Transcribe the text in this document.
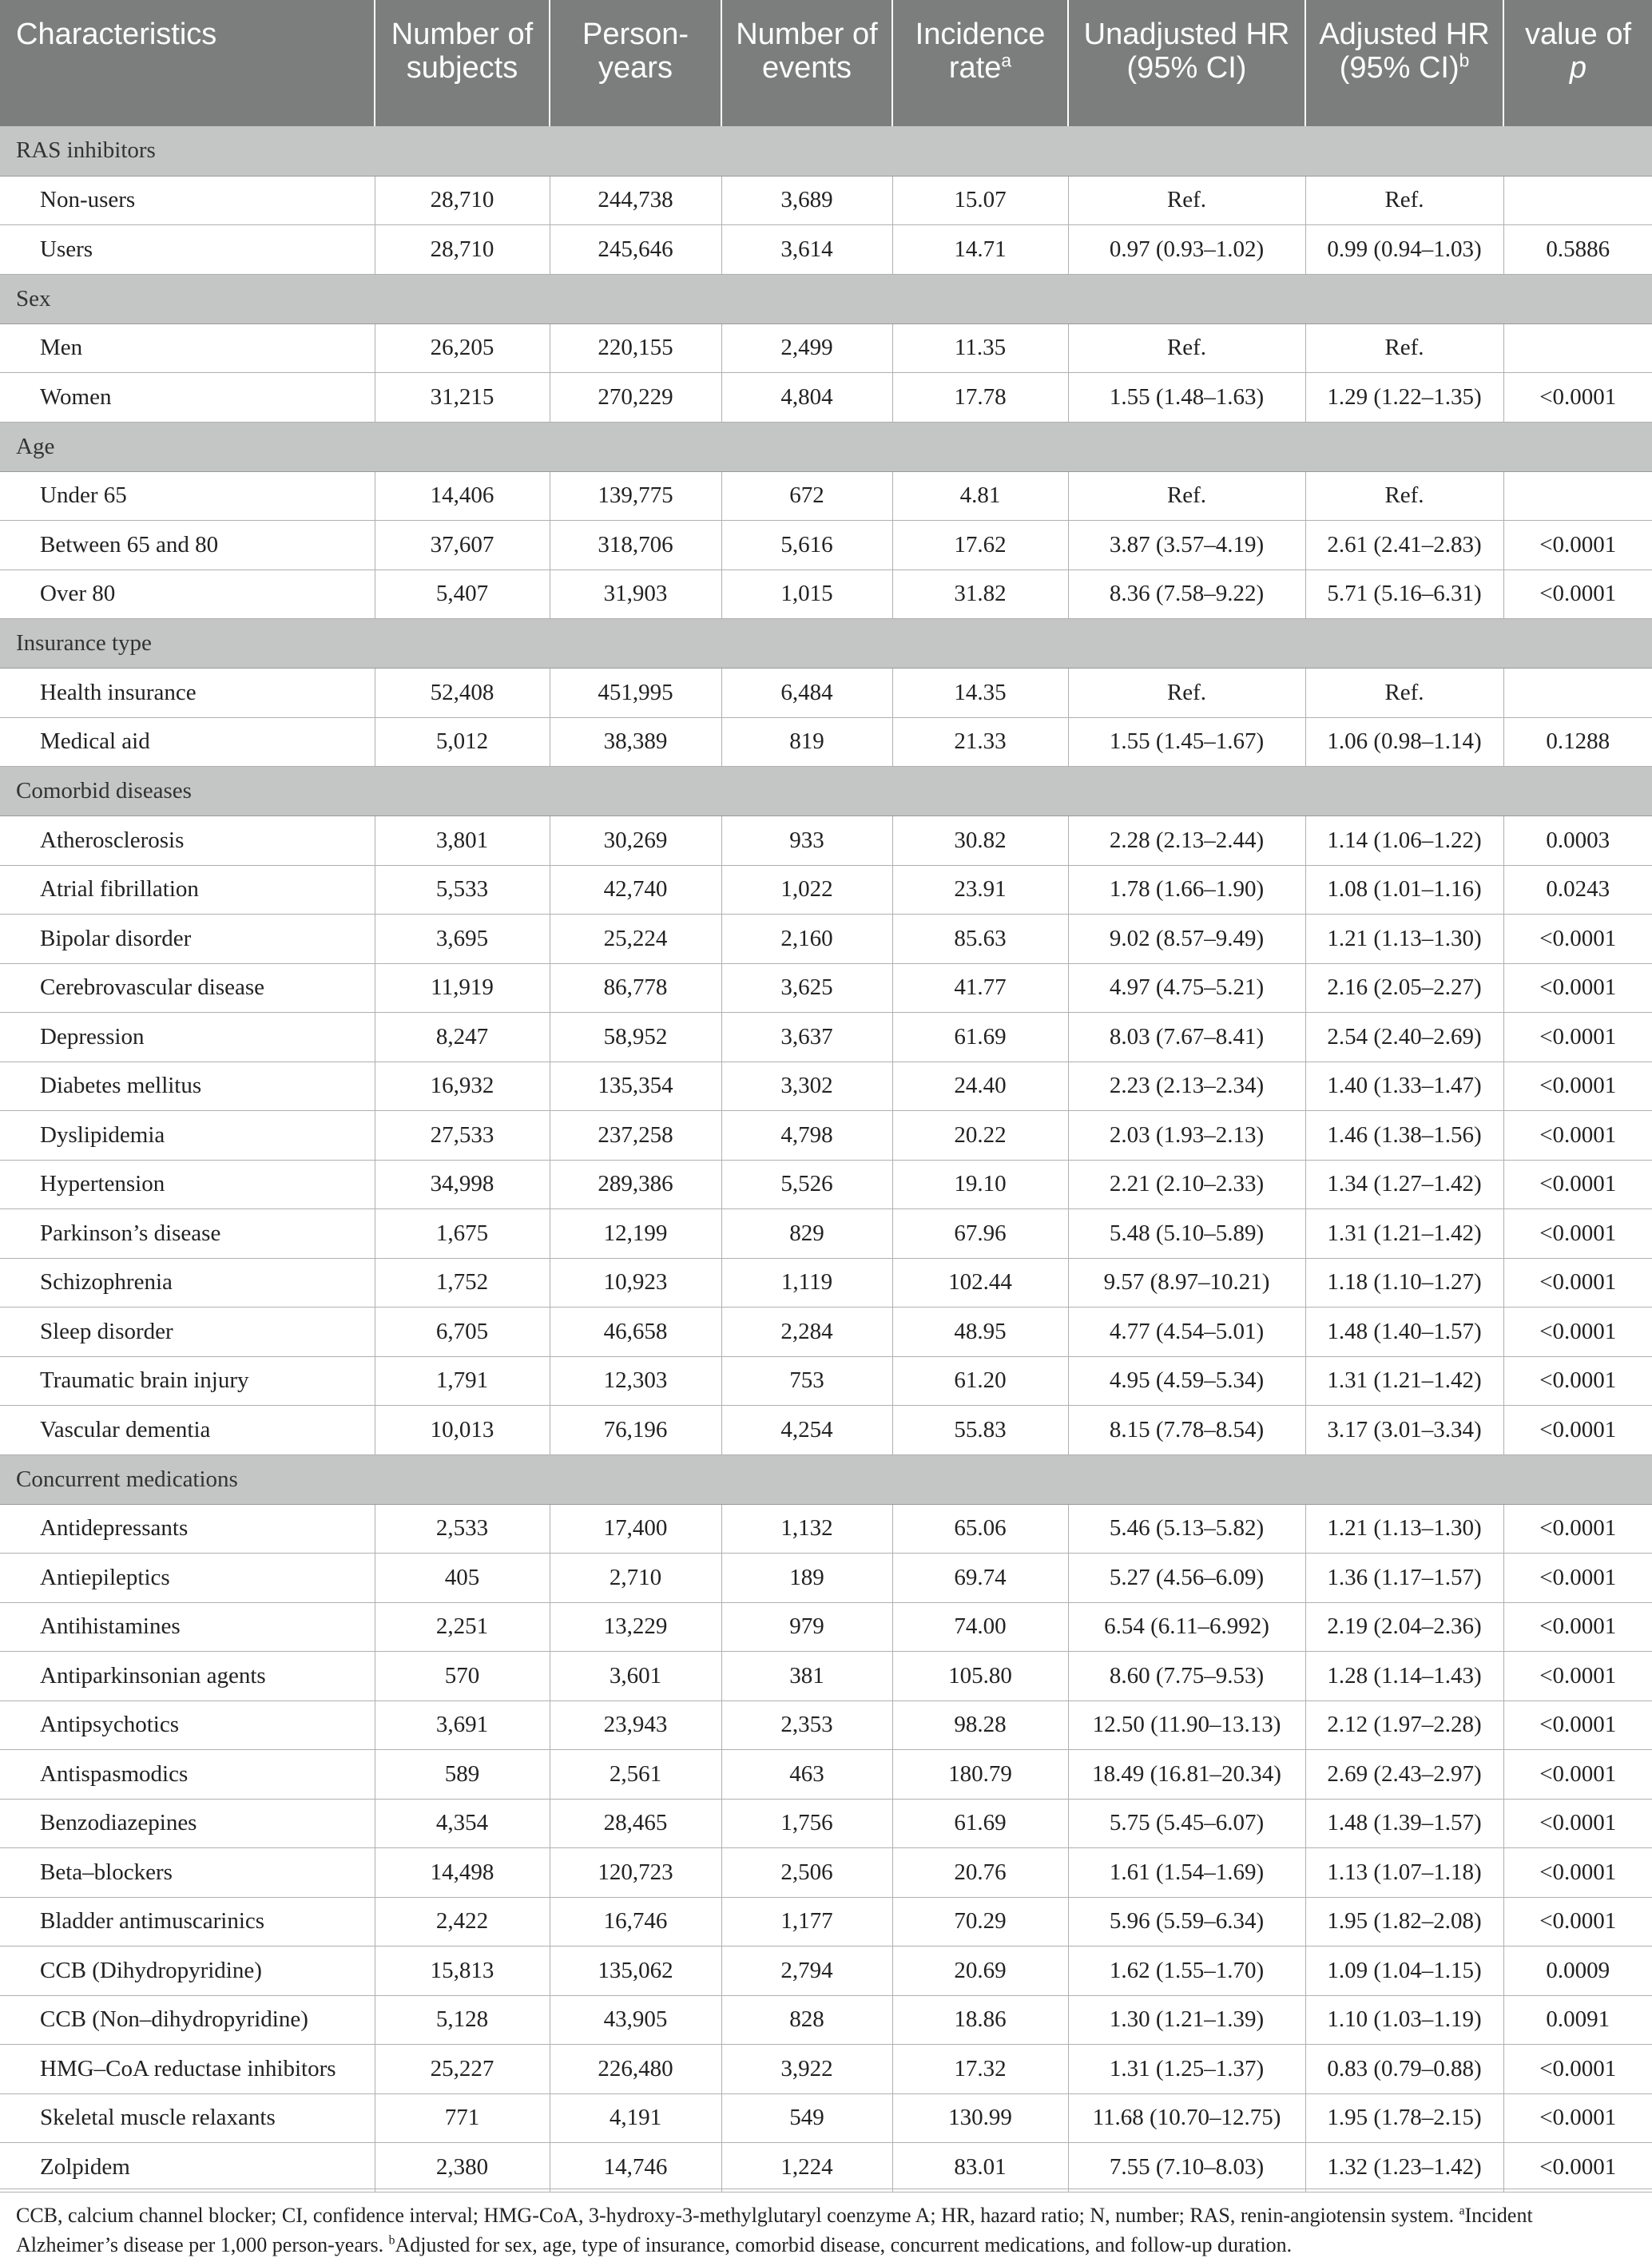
Characteristics	Number of subjects	Person-years	Number of events	Incidence rate$^a$	Unadjusted HR (95% CI)	Adjusted HR (95% CI)$^b$	value of
p
RAS inhibitors							
Non-users	28,710	244,738	3,689	15.07	Ref.	Ref.	
Users	28,710	245,646	3,614	14.71	0.97 (0.93–1.02)	0.99 (0.94–1.03)	0.5886
Sex							
Men	26,205	220,155	2,499	11.35	Ref.	Ref.	
Women	31,215	270,229	4,804	17.78	1.55 (1.48–1.63)	1.29 (1.22–1.35)	<0.0001
Age							
Under 65	14,406	139,775	672	4.81	Ref.	Ref.	
Between 65 and 80	37,607	318,706	5,616	17.62	3.87 (3.57–4.19)	2.61 (2.41–2.83)	<0.0001
Over 80	5,407	31,903	1,015	31.82	8.36 (7.58–9.22)	5.71 (5.16–6.31)	<0.0001
Insurance type							
Health insurance	52,408	451,995	6,484	14.35	Ref.	Ref.	
Medical aid	5,012	38,389	819	21.33	1.55 (1.45–1.67)	1.06 (0.98–1.14)	0.1288
Comorbid diseases							
Atherosclerosis	3,801	30,269	933	30.82	2.28 (2.13–2.44)	1.14 (1.06–1.22)	0.0003
Atrial fibrillation	5,533	42,740	1,022	23.91	1.78 (1.66–1.90)	1.08 (1.01–1.16)	0.0243
Bipolar disorder	3,695	25,224	2,160	85.63	9.02 (8.57–9.49)	1.21 (1.13–1.30)	<0.0001
Cerebrovascular disease	11,919	86,778	3,625	41.77	4.97 (4.75–5.21)	2.16 (2.05–2.27)	<0.0001
Depression	8,247	58,952	3,637	61.69	8.03 (7.67–8.41)	2.54 (2.40–2.69)	<0.0001
Diabetes mellitus	16,932	135,354	3,302	24.40	2.23 (2.13–2.34)	1.40 (1.33–1.47)	<0.0001
Dyslipidemia	27,533	237,258	4,798	20.22	2.03 (1.93–2.13)	1.46 (1.38–1.56)	<0.0001
Hypertension	34,998	289,386	5,526	19.10	2.21 (2.10–2.33)	1.34 (1.27–1.42)	<0.0001
Parkinson’s disease	1,675	12,199	829	67.96	5.48 (5.10–5.89)	1.31 (1.21–1.42)	<0.0001
Schizophrenia	1,752	10,923	1,119	102.44	9.57 (8.97–10.21)	1.18 (1.10–1.27)	<0.0001
Sleep disorder	6,705	46,658	2,284	48.95	4.77 (4.54–5.01)	1.48 (1.40–1.57)	<0.0001
Traumatic brain injury	1,791	12,303	753	61.20	4.95 (4.59–5.34)	1.31 (1.21–1.42)	<0.0001
Vascular dementia	10,013	76,196	4,254	55.83	8.15 (7.78–8.54)	3.17 (3.01–3.34)	<0.0001
Concurrent medications							
Antidepressants	2,533	17,400	1,132	65.06	5.46 (5.13–5.82)	1.21 (1.13–1.30)	<0.0001
Antiepileptics	405	2,710	189	69.74	5.27 (4.56–6.09)	1.36 (1.17–1.57)	<0.0001
Antihistamines	2,251	13,229	979	74.00	6.54 (6.11–6.992)	2.19 (2.04–2.36)	<0.0001
Antiparkinsonian agents	570	3,601	381	105.80	8.60 (7.75–9.53)	1.28 (1.14–1.43)	<0.0001
Antipsychotics	3,691	23,943	2,353	98.28	12.50 (11.90–13.13)	2.12 (1.97–2.28)	<0.0001
Antispasmodics	589	2,561	463	180.79	18.49 (16.81–20.34)	2.69 (2.43–2.97)	<0.0001
Benzodiazepines	4,354	28,465	1,756	61.69	5.75 (5.45–6.07)	1.48 (1.39–1.57)	<0.0001
Beta–blockers	14,498	120,723	2,506	20.76	1.61 (1.54–1.69)	1.13 (1.07–1.18)	<0.0001
Bladder antimuscarinics	2,422	16,746	1,177	70.29	5.96 (5.59–6.34)	1.95 (1.82–2.08)	<0.0001
CCB (Dihydropyridine)	15,813	135,062	2,794	20.69	1.62 (1.55–1.70)	1.09 (1.04–1.15)	0.0009
CCB (Non–dihydropyridine)	5,128	43,905	828	18.86	1.30 (1.21–1.39)	1.10 (1.03–1.19)	0.0091
HMG–CoA reductase inhibitors	25,227	226,480	3,922	17.32	1.31 (1.25–1.37)	0.83 (0.79–0.88)	<0.0001
Skeletal muscle relaxants	771	4,191	549	130.99	11.68 (10.70–12.75)	1.95 (1.78–2.15)	<0.0001
Zolpidem	2,380	14,746	1,224	83.01	7.55 (7.10–8.03)	1.32 (1.23–1.42)	<0.0001
CCB, calcium channel blocker; CI, confidence interval; HMG-CoA, 3-hydroxy-3-methylglutaryl coenzyme A; HR, hazard ratio; N, number; RAS, renin-angiotensin system. $^a$Incident Alzheimer’s disease per 1,000 person-years. $^b$Adjusted for sex, age, type of insurance, comorbid disease, concurrent medications, and follow-up duration.
